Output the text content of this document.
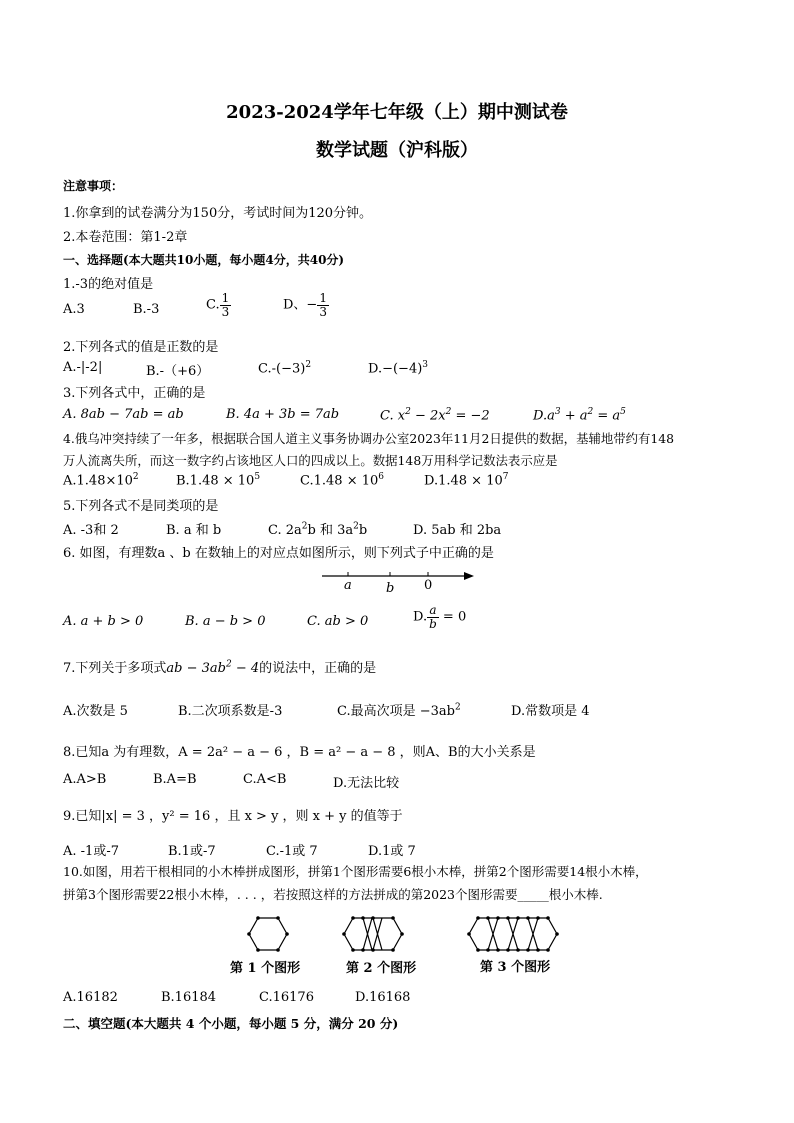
2023-2024学年七年级（上）期中测试卷
数学试题（沪科版）
注意事项：
1.你拿到的试卷满分为150分，考试时间为120分钟。
2.本卷范围：第1-2章
一、选择题(本大题共10小题，每小题4分，共40分)
1.-3的绝对值是
A.3	B.-3	C. $\frac{1}{3}$	D、− $\frac{1}{3}$
2.下列各式的值是正数的是
A.-|-2|	B.-（+6）	$C.-(-3)^2$	$D.-(-4)^3$
3.下列各式中，正确的是
A. 8ab − 7ab = ab	B. 4a + 3b = 7ab	C. $x^2 - 2x^2 = -2$	$D.a^3 + a^2 = a^5$
4.俄乌冲突持续了一年多，根据联合国人道主义事务协调办公室2023年11月2日提供的数据，基辅地带约有148
万人流离失所，而这一数字约占该地区人口的四成以上。数据148万用科学记数法表示应是
$A.1.48\times 10^2$	$B.1.48 \times 10^5$	$C.1.48 \times 10^6$	$D.1.48 \times 10^7$
5.下列各式不是同类项的是
A. -3和 2	B. a 和 b	C. $2a^2b$ 和 $3a^2b$	D. 5ab 和 2ba
6. 如图，有理数a 、b 在数轴上的对应点如图所示，则下列式子中正确的是
a	b 0
A. a + b > 0	B. a − b > 0	C. ab > 0	D. $\frac{a}{b} = 0$
7.下列关于多项式ab − $3ab^2 - 4$的说法中，正确的是
A.次数是 5	B.二次项系数是-3	C.最高次项是 $-3ab^2$	D.常数项是 4
8.已知a 为有理数，A = 2a² − a − 6 ，B = a² − a − 8 ，则A、B的大小关系是
A.A>B	B.A=B	C.A<B	D.无法比较
9.已知|x| = 3 ，y² = 16 ，且 x > y ，则 x + y 的值等于
A. -1或-7	B.1或-7	C.-1或 7	D.1或 7
10.如图，用若干根相同的小木棒拼成图形，拼第1个图形需要6根小木棒，拼第2个图形需要14根小木棒，
拼第3个图形需要22根小木棒，. . . ，若按照这样的方法拼成的第2023个图形需要_____根小木棒.
第 1 个图形	第 2 个图形	第 3 个图形
A.16182	B.16184	C.16176	D.16168
二、填空题(本大题共 4 个小题，每小题 5 分，满分 20 分)
